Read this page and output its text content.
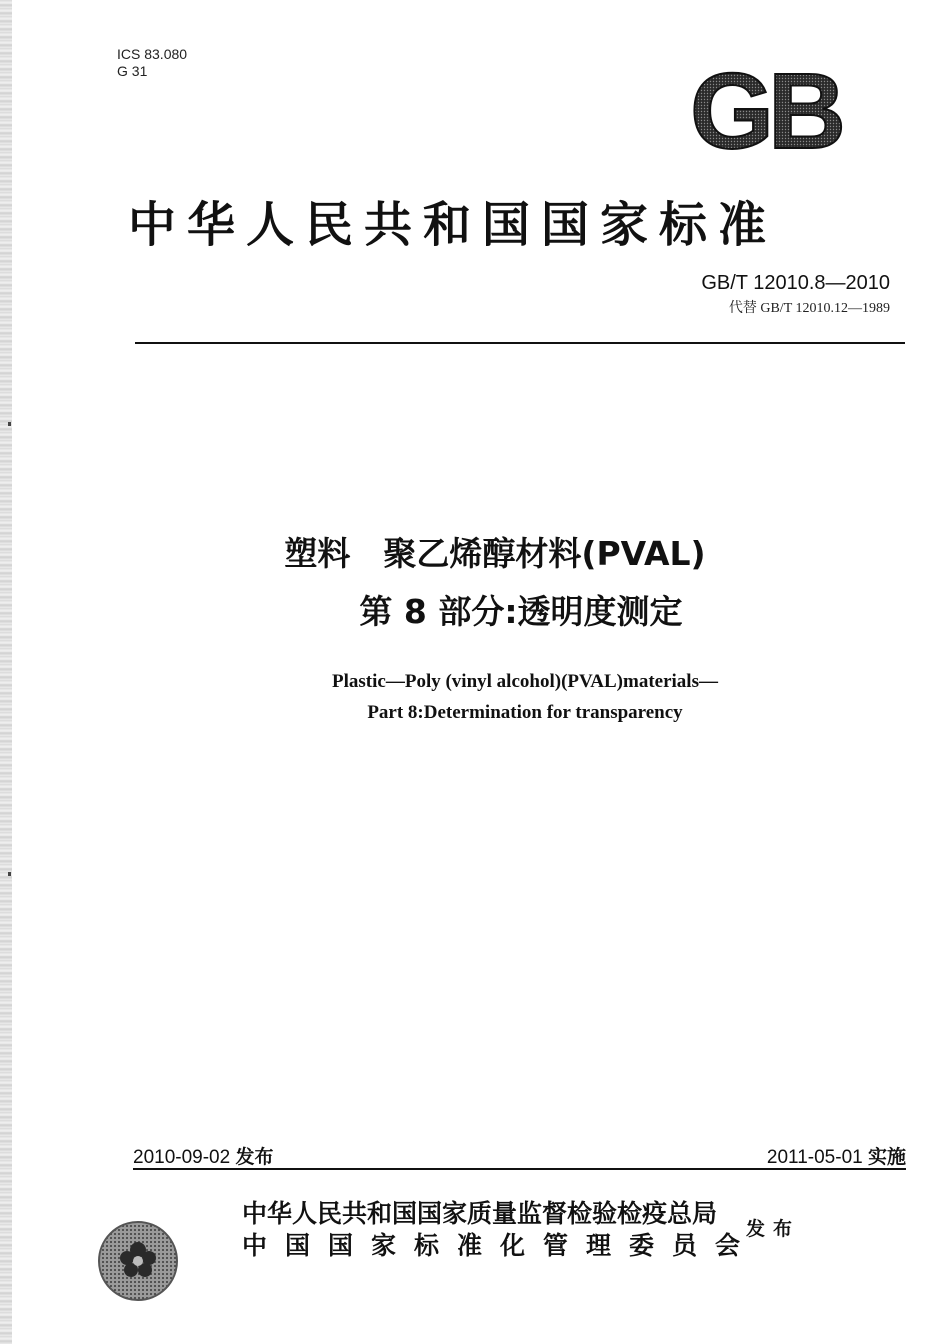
ICS 83.080
G 31	GB
中华人民共和国国家标准
GB/T 12010.8—2010
代替 GB/T 12010.12—1989
塑料　聚乙烯醇材料(PVAL)
第 8 部分:透明度测定
Plastic—Poly (vinyl alcohol)(PVAL)materials—
Part 8:Determination for transparency
2010-09-02 发布	2011-05-01 实施
中华人民共和国国家质量监督检验检疫总局
中国国家标准化管理委员会
发布
